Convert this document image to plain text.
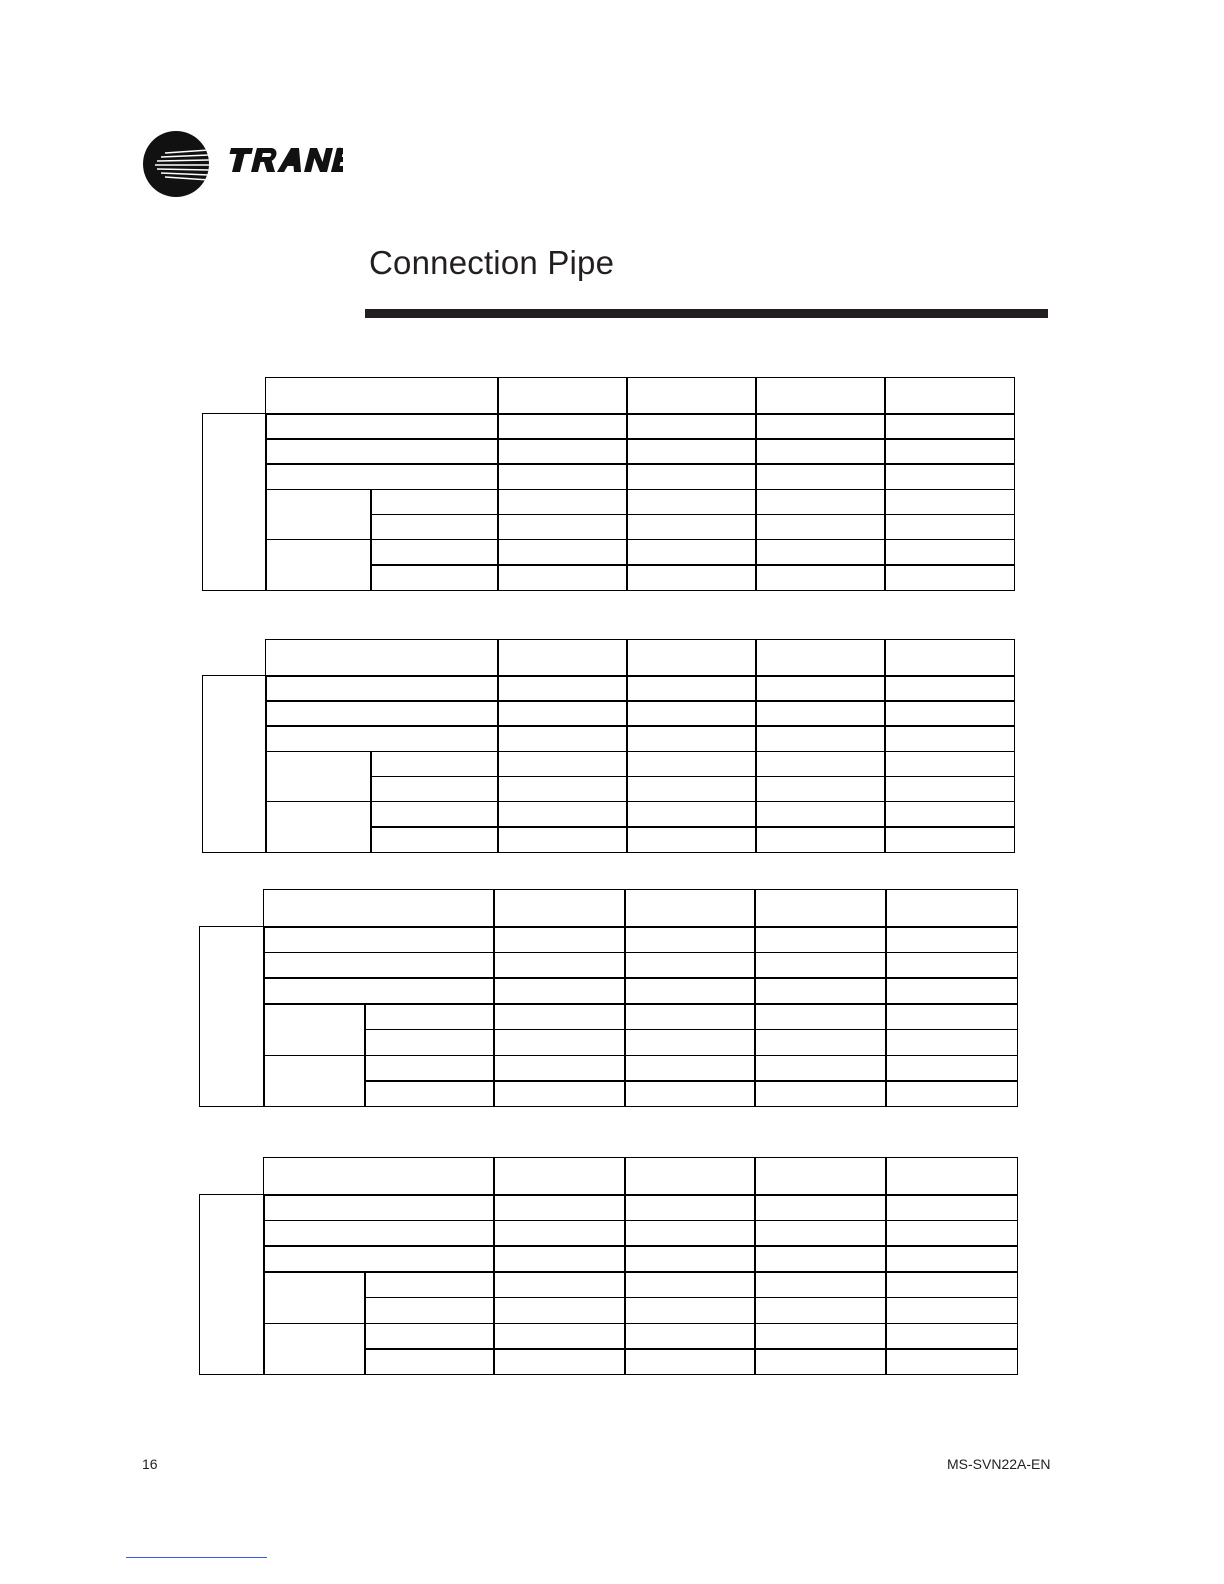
®
Connection Pipe
16	MS-SVN22A-EN
